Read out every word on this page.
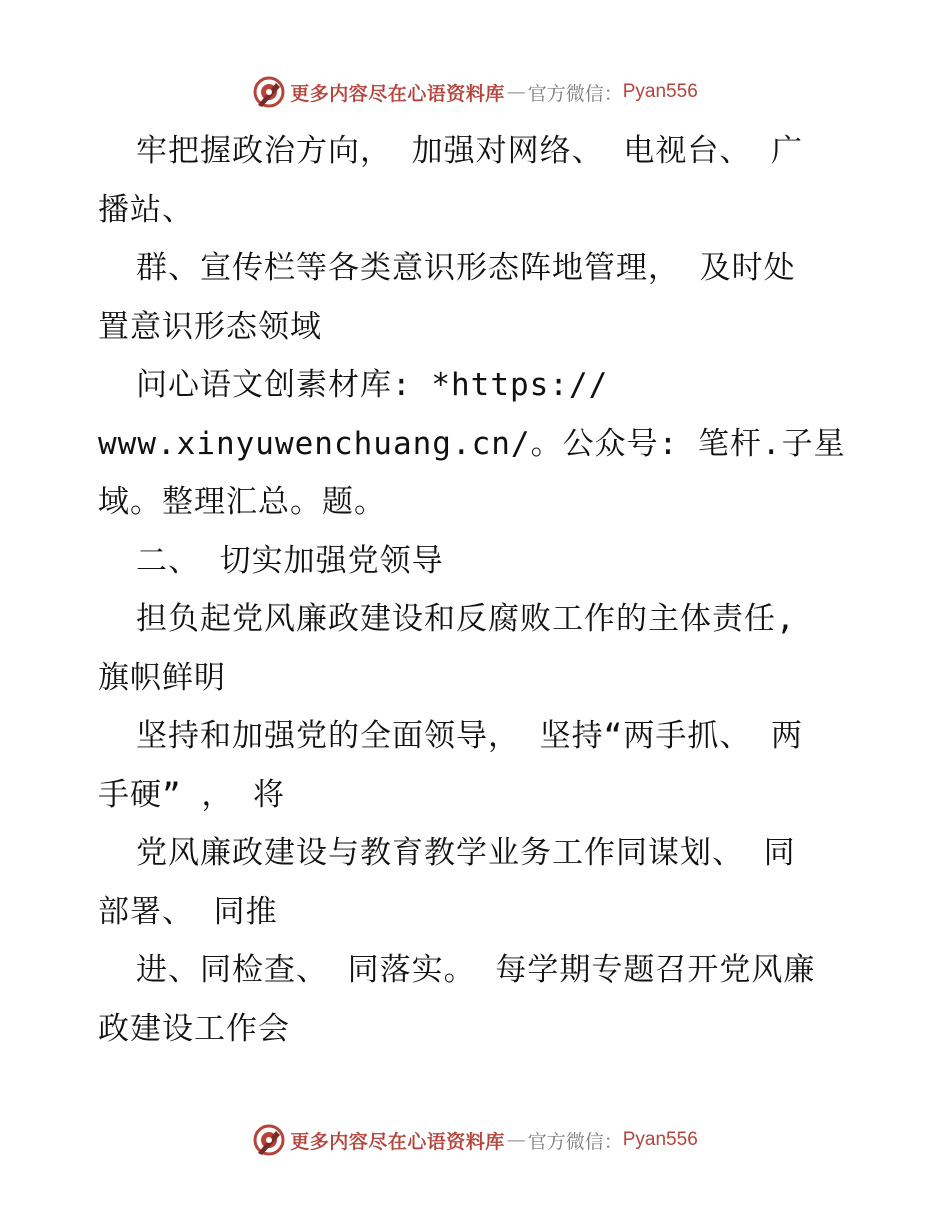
更多内容尽在心语资料库 — 官方微信： Pyan556
牢把握政治方向， 加强对网络、 电视台、 广
播站、
群、宣传栏等各类意识形态阵地管理， 及时处
置意识形态领域
问心语文创素材库: *https://
www.xinyuwenchuang.cn/。公众号: 笔杆.子星
域。整理汇总。题。
二、 切实加强党领导
担负起党风廉政建设和反腐败工作的主体责任,
旗帜鲜明
坚持和加强党的全面领导， 坚持“两手抓、 两
手硬” ， 将
党风廉政建设与教育教学业务工作同谋划、 同
部署、 同推
进、同检查、 同落实。 每学期专题召开党风廉
政建设工作会
更多内容尽在心语资料库 — 官方微信： Pyan556
